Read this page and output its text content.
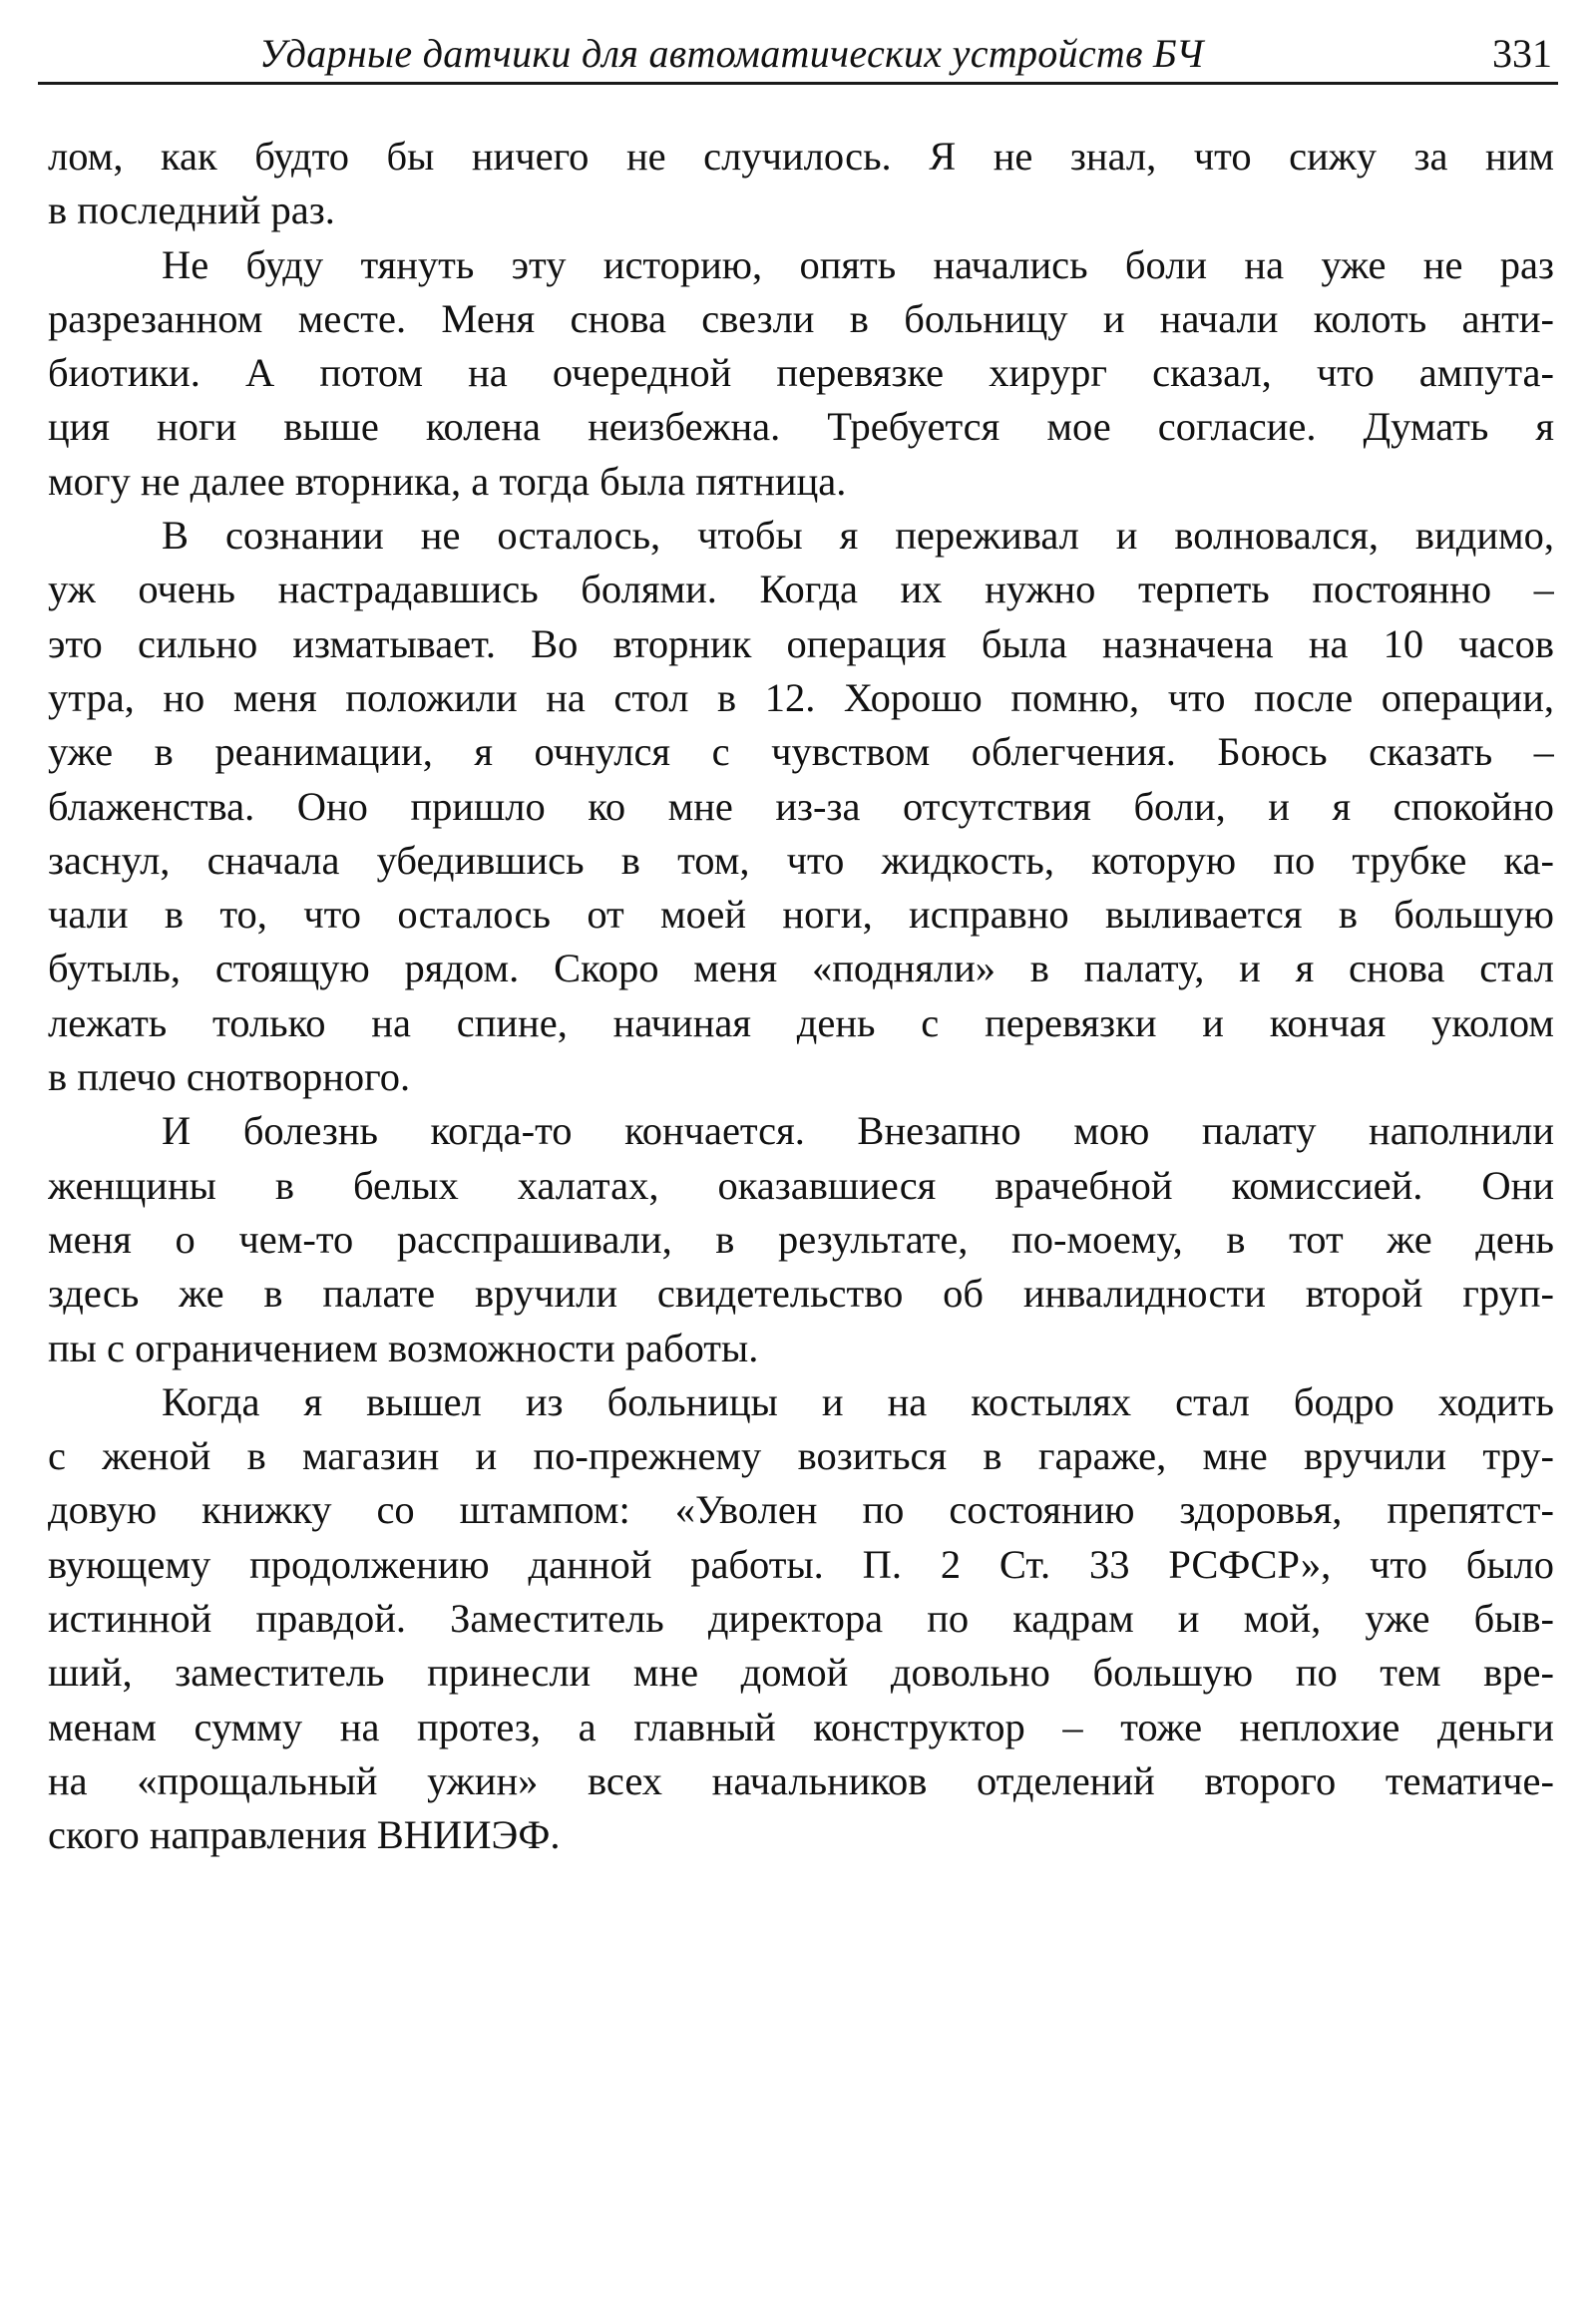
Ударные датчики для автоматических устройств БЧ	331
лом, как будто бы ничего не случилось. Я не знал, что сижу за ним
в последний раз.
Не буду тянуть эту историю, опять начались боли на уже не раз
разрезанном месте. Меня снова свезли в больницу и начали колоть анти-
биотики. А потом на очередной перевязке хирург сказал, что ампута-
ция ноги выше колена неизбежна. Требуется мое согласие. Думать я
могу не далее вторника, а тогда была пятница.
В сознании не осталось, чтобы я переживал и волновался, видимо,
уж очень настрадавшись болями. Когда их нужно терпеть постоянно –
это сильно изматывает. Во вторник операция была назначена на 10 часов
утра, но меня положили на стол в 12. Хорошо помню, что после операции,
уже в реанимации, я очнулся с чувством облегчения. Боюсь сказать –
блаженства. Оно пришло ко мне из-за отсутствия боли, и я спокойно
заснул, сначала убедившись в том, что жидкость, которую по трубке ка-
чали в то, что осталось от моей ноги, исправно выливается в большую
бутыль, стоящую рядом. Скоро меня «подняли» в палату, и я снова стал
лежать только на спине, начиная день с перевязки и кончая уколом
в плечо снотворного.
И болезнь когда-то кончается. Внезапно мою палату наполнили
женщины в белых халатах, оказавшиеся врачебной комиссией. Они
меня о чем-то расспрашивали, в результате, по-моему, в тот же день
здесь же в палате вручили свидетельство об инвалидности второй груп-
пы с ограничением возможности работы.
Когда я вышел из больницы и на костылях стал бодро ходить
с женой в магазин и по-прежнему возиться в гараже, мне вручили тру-
довую книжку со штампом: «Уволен по состоянию здоровья, препятст-
вующему продолжению данной работы. П. 2 Ст. 33 РСФСР», что было
истинной правдой. Заместитель директора по кадрам и мой, уже быв-
ший, заместитель принесли мне домой довольно большую по тем вре-
менам сумму на протез, а главный конструктор – тоже неплохие деньги
на «прощальный ужин» всех начальников отделений второго тематиче-
ского направления ВНИИЭФ.
